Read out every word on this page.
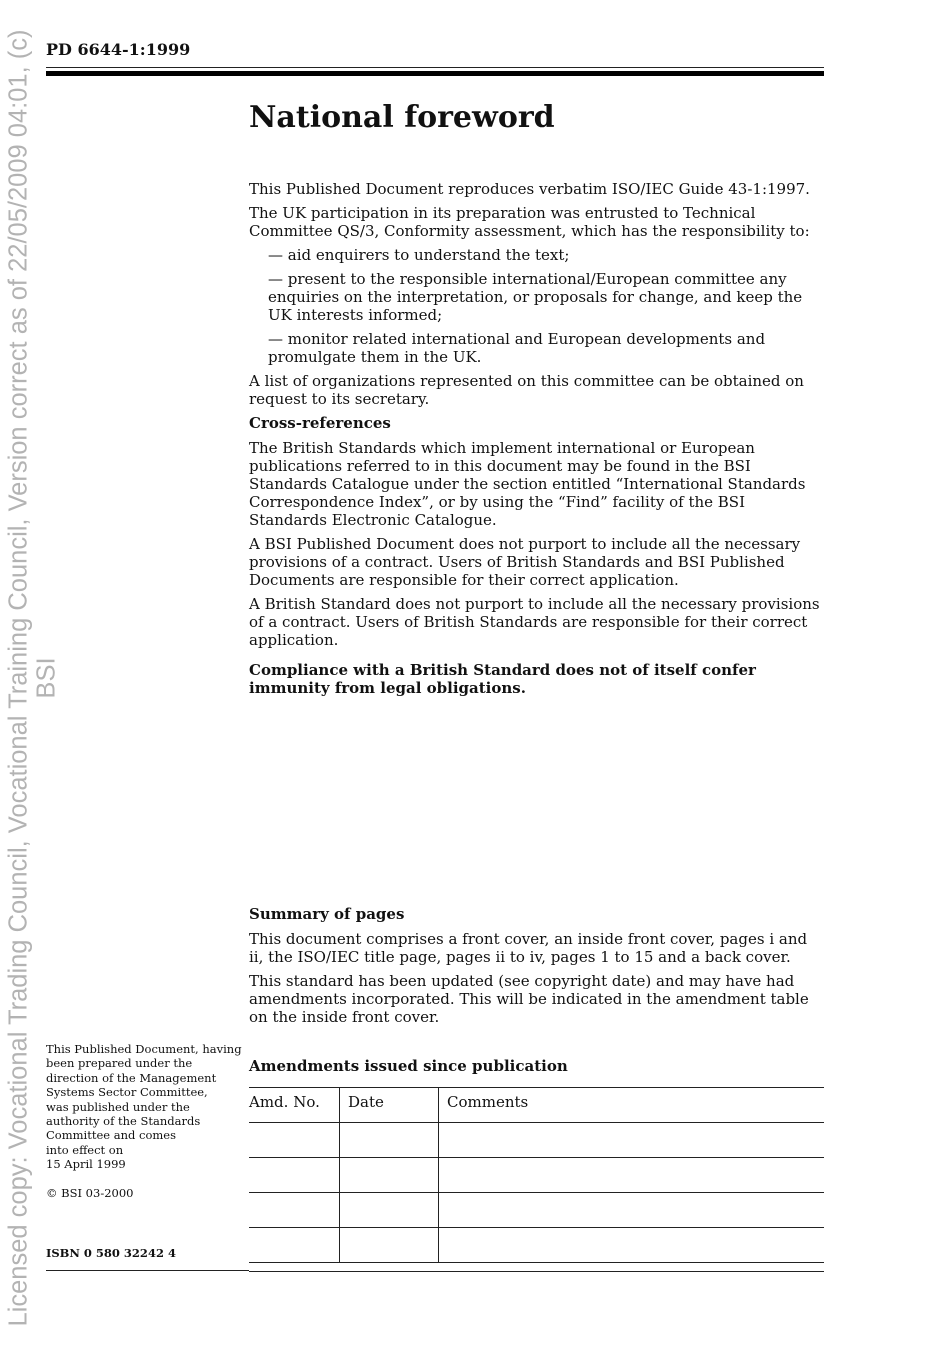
Licensed copy: Vocational Trading Council, Vocational Training Council, Version correct as of 22/05/2009 04:01, (c) BSI
PD 6644-1:1999
National foreword

This Published Document reproduces verbatim ISO/IEC Guide 43-1:1997.

The UK participation in its preparation was entrusted to Technical Committee QS/3, Conformity assessment, which has the responsibility to:

— aid enquirers to understand the text;

— present to the responsible international/European committee any enquiries on the interpretation, or proposals for change, and keep the UK interests informed;

— monitor related international and European developments and promulgate them in the UK.

A list of organizations represented on this committee can be obtained on request to its secretary.

Cross-references

The British Standards which implement international or European publications referred to in this document may be found in the BSI Standards Catalogue under the section entitled “International Standards Correspondence Index”, or by using the “Find” facility of the BSI Standards Electronic Catalogue.

A BSI Published Document does not purport to include all the necessary provisions of a contract. Users of British Standards and BSI Published Documents are responsible for their correct application.

A British Standard does not purport to include all the necessary provisions of a contract. Users of British Standards are responsible for their correct application.

Compliance with a British Standard does not of itself confer immunity from legal obligations.

Summary of pages

This document comprises a front cover, an inside front cover, pages i and ii, the ISO/IEC title page, pages ii to iv, pages 1 to 15 and a back cover.

This standard has been updated (see copyright date) and may have had amendments incorporated. This will be indicated in the amendment table on the inside front cover.

This Published Document, having
been prepared under the
direction of the Management
Systems Sector Committee,
was published under the
authority of the Standards
Committee and comes
into effect on
15 April 1999
© BSI 03-2000
ISBN 0 580 32242 4
Amendments issued since publication
Amd. No.	Date	Comments
